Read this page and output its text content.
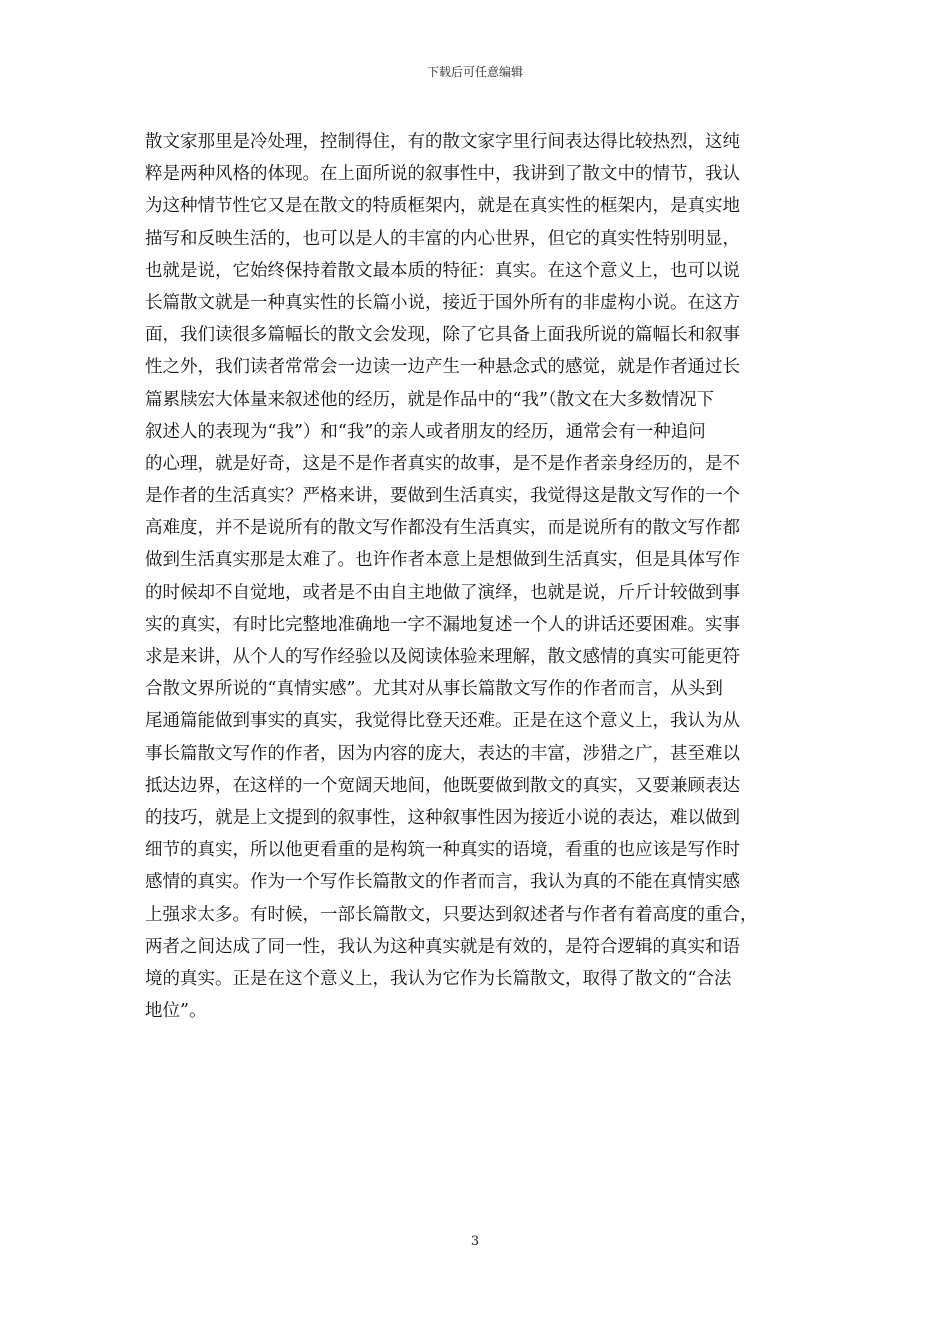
下载后可任意编辑
散文家那里是冷处理，控制得住，有的散文家字里行间表达得比较热烈，这纯
粹是两种风格的体现。在上面所说的叙事性中，我讲到了散文中的情节，我认
为这种情节性它又是在散文的特质框架内，就是在真实性的框架内，是真实地
描写和反映生活的，也可以是人的丰富的内心世界，但它的真实性特别明显，
也就是说，它始终保持着散文最本质的特征：真实。在这个意义上，也可以说
长篇散文就是一种真实性的长篇小说，接近于国外所有的非虚构小说。在这方
面，我们读很多篇幅长的散文会发现，除了它具备上面我所说的篇幅长和叙事
性之外，我们读者常常会一边读一边产生一种悬念式的感觉，就是作者通过长
篇累牍宏大体量来叙述他的经历，就是作品中的“我”（散文在大多数情况下
叙述人的表现为“我”）和“我”的亲人或者朋友的经历，通常会有一种追问
的心理，就是好奇，这是不是作者真实的故事，是不是作者亲身经历的，是不
是作者的生活真实？严格来讲，要做到生活真实，我觉得这是散文写作的一个
高难度，并不是说所有的散文写作都没有生活真实，而是说所有的散文写作都
做到生活真实那是太难了。也许作者本意上是想做到生活真实，但是具体写作
的时候却不自觉地，或者是不由自主地做了演绎，也就是说，斤斤计较做到事
实的真实，有时比完整地准确地一字不漏地复述一个人的讲话还要困难。实事
求是来讲，从个人的写作经验以及阅读体验来理解，散文感情的真实可能更符
合散文界所说的“真情实感”。尤其对从事长篇散文写作的作者而言，从头到
尾通篇能做到事实的真实，我觉得比登天还难。正是在这个意义上，我认为从
事长篇散文写作的作者，因为内容的庞大，表达的丰富，涉猎之广，甚至难以
抵达边界，在这样的一个宽阔天地间，他既要做到散文的真实，又要兼顾表达
的技巧，就是上文提到的叙事性，这种叙事性因为接近小说的表达，难以做到
细节的真实，所以他更看重的是构筑一种真实的语境，看重的也应该是写作时
感情的真实。作为一个写作长篇散文的作者而言，我认为真的不能在真情实感
上强求太多。有时候，一部长篇散文，只要达到叙述者与作者有着高度的重合，
两者之间达成了同一性，我认为这种真实就是有效的，是符合逻辑的真实和语
境的真实。正是在这个意义上，我认为它作为长篇散文，取得了散文的“合法
地位”。
3
